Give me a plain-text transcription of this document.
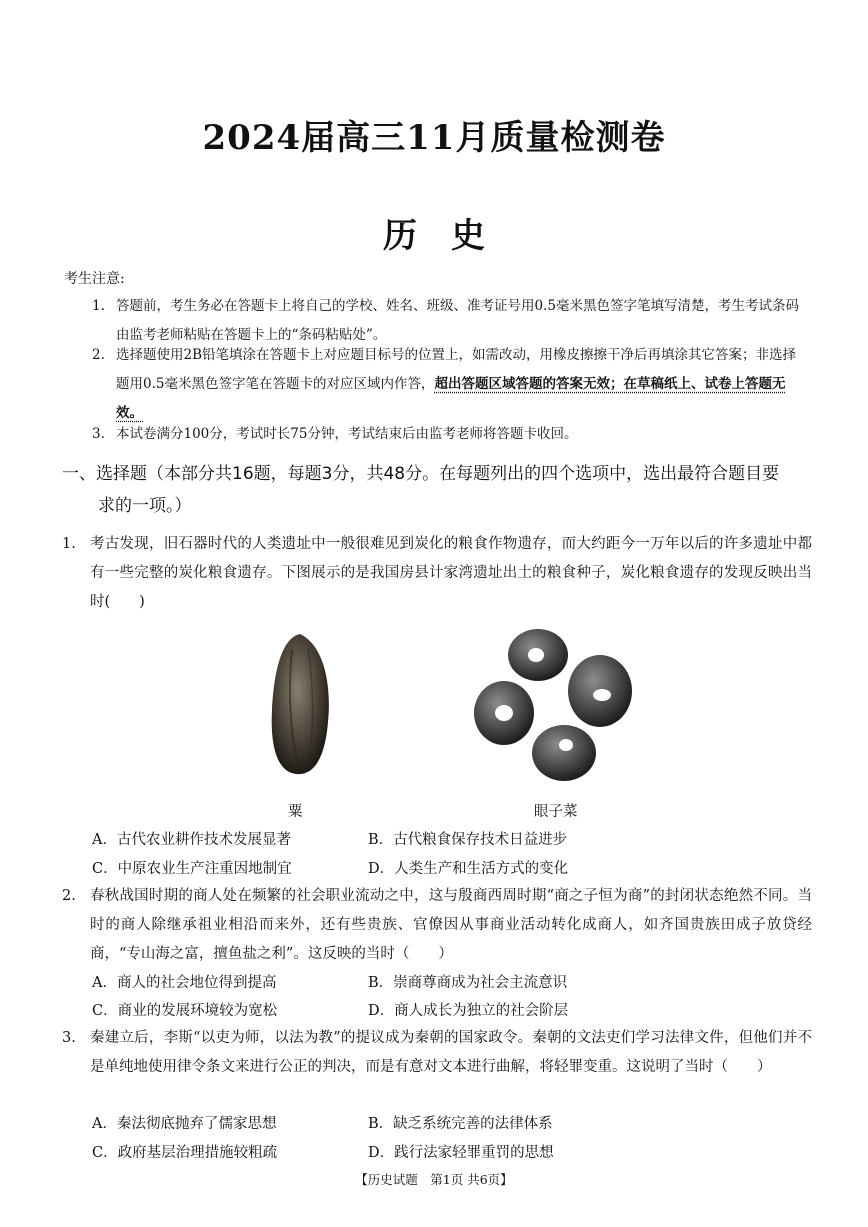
2024届高三11月质量检测卷
历史
考生注意:
1. 答题前，考生务必在答题卡上将自己的学校、姓名、班级、准考证号用0.5毫米黑色签字笔填写清楚，考生考试条码由监考老师粘贴在答题卡上的“条码粘贴处”。
2. 选择题使用2B铅笔填涂在答题卡上对应题目标号的位置上，如需改动，用橡皮擦擦干净后再填涂其它答案；非选择题用0.5毫米黑色签字笔在答题卡的对应区域内作答，超出答题区域答题的答案无效；在草稿纸上、试卷上答题无效。
3. 本试卷满分100分，考试时长75分钟，考试结束后由监考老师将答题卡收回。
一、选择题（本部分共16题，每题3分，共48分。在每题列出的四个选项中，选出最符合题目要
求的一项。）
1. 考古发现，旧石器时代的人类遗址中一般很难见到炭化的粮食作物遗存，而大约距今一万年以后的许多遗址中都有一些完整的炭化粮食遗存。下图展示的是我国房县计家湾遗址出土的粮食种子，炭化粮食遗存的发现反映出当时(　　)
粟	眼子菜
A．古代农业耕作技术发展显著	B．古代粮食保存技术日益进步
C．中原农业生产注重因地制宜	D．人类生产和生活方式的变化
2. 春秋战国时期的商人处在频繁的社会职业流动之中，这与殷商西周时期“商之子恒为商”的封闭状态绝然不同。当时的商人除继承祖业相沿而来外，还有些贵族、官僚因从事商业活动转化成商人，如齐国贵族田成子放贷经商，“专山海之富，擅鱼盐之利”。这反映的当时（　　）
A．商人的社会地位得到提高	B．崇商尊商成为社会主流意识
C．商业的发展环境较为宽松	D．商人成长为独立的社会阶层
3. 秦建立后，李斯“以吏为师，以法为教”的提议成为秦朝的国家政令。秦朝的文法吏们学习法律文件，但他们并不是单纯地使用律令条文来进行公正的判决，而是有意对文本进行曲解，将轻罪变重。这说明了当时（　　）
A．秦法彻底抛弃了儒家思想	B．缺乏系统完善的法律体系
C．政府基层治理措施较粗疏	D．践行法家轻罪重罚的思想
【历史试题　第1页 共6页】
